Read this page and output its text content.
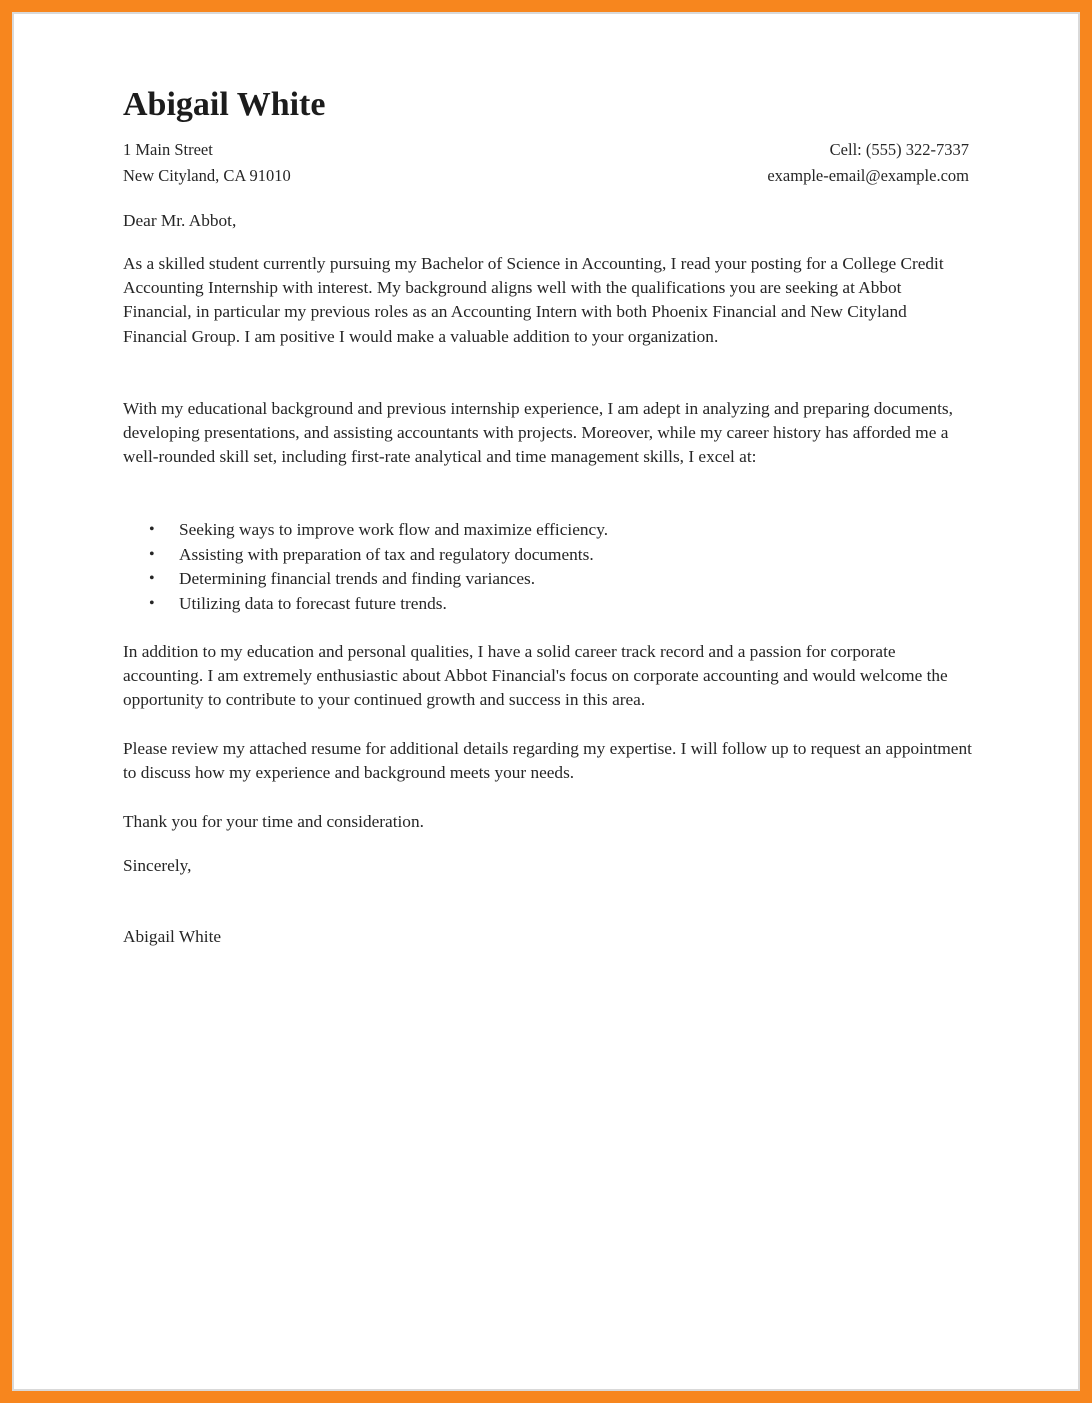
Abigail White
1 Main Street	Cell: (555) 322-7337
New Cityland, CA 91010	example-email@example.com

Dear Mr. Abbot,

As a skilled student currently pursuing my Bachelor of Science in Accounting, I read your posting for a College Credit Accounting Internship with interest. My background aligns well with the qualifications you are seeking at Abbot Financial, in particular my previous roles as an Accounting Intern with both Phoenix Financial and New Cityland Financial Group. I am positive I would make a valuable addition to your organization.

With my educational background and previous internship experience, I am adept in analyzing and preparing documents, developing presentations, and assisting accountants with projects. Moreover, while my career history has afforded me a well-rounded skill set, including first-rate analytical and time management skills, I excel at:

• Seeking ways to improve work flow and maximize efficiency.
• Assisting with preparation of tax and regulatory documents.
• Determining financial trends and finding variances.
• Utilizing data to forecast future trends.

In addition to my education and personal qualities, I have a solid career track record and a passion for corporate accounting. I am extremely enthusiastic about Abbot Financial's focus on corporate accounting and would welcome the opportunity to contribute to your continued growth and success in this area.

Please review my attached resume for additional details regarding my expertise. I will follow up to request an appointment to discuss how my experience and background meets your needs.

Thank you for your time and consideration.

Sincerely,

Abigail White
